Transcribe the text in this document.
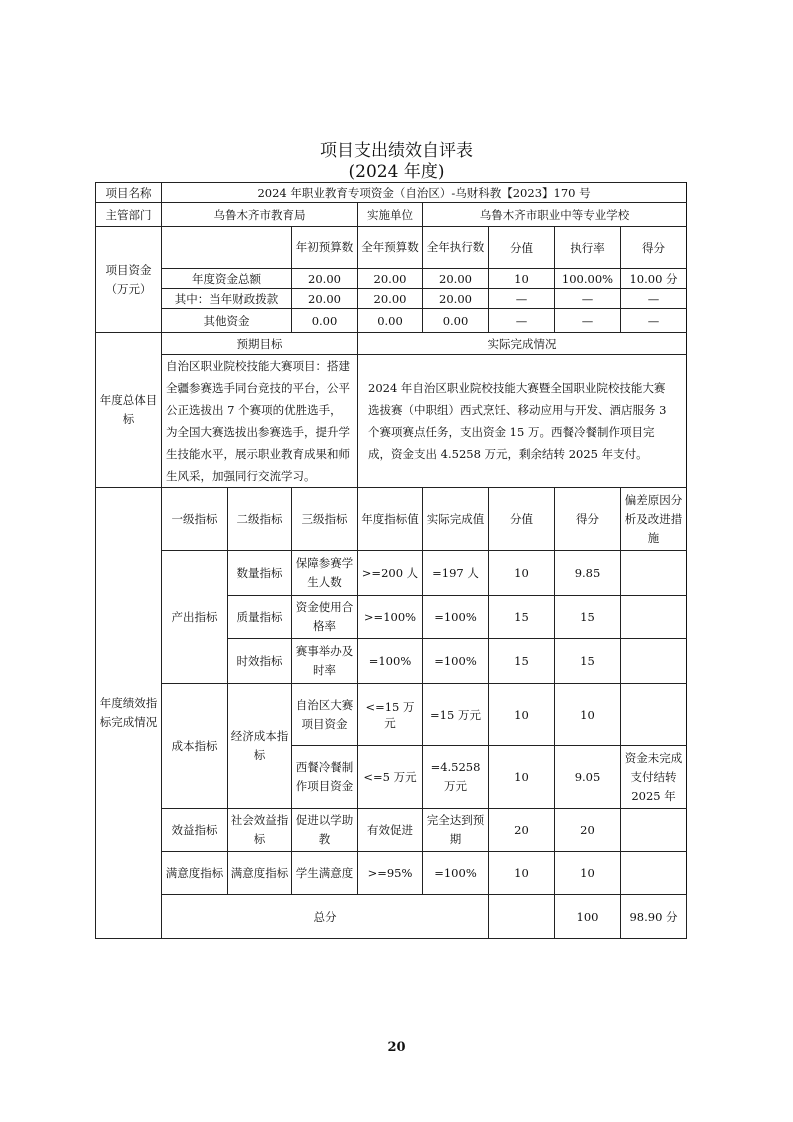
项目支出绩效自评表
(2024 年度)
项目名称	2024 年职业教育专项资金（自治区）-乌财科教【2023】170 号								
主管部门	乌鲁木齐市教育局			实施单位	乌鲁木齐市职业中等专业学校				
项目资金
（万元）			年初预算数	全年预算数	全年执行数	分值	执行率	得分	
	年度资金总额		20.00	20.00	20.00	10	100.00%	10.00 分	
	其中：当年财政拨款		20.00	20.00	20.00	—	—	—	
	其他资金		0.00	0.00	0.00	—	—	—	
年度总体目标	预期目标			实际完成情况					
	自治区职业院校技能大赛项目：搭建全疆参赛选手同台竞技的平台，公平公正选拔出 7 个赛项的优胜选手，为全国大赛选拔出参赛选手，提升学生技能水平，展示职业教育成果和师生风采，加强同行交流学习。			2024 年自治区职业院校技能大赛暨全国职业院校技能大赛选拔赛（中职组）西式烹饪、移动应用与开发、酒店服务 3 个赛项赛点任务，支出资金 15 万。西餐冷餐制作项目完成，资金支出 4.5258 万元，剩余结转 2025 年支付。					
年度绩效指标完成情况	一级指标	二级指标	三级指标	年度指标值	实际完成值	分值	得分	偏差原因分析及改进措施	
	产出指标	数量指标	保障参赛学生人数	>=200 人	=197 人	10	9.85		
		质量指标	资金使用合格率	>=100%	=100%	15	15		
		时效指标	赛事举办及时率	=100%	=100%	15	15		
	成本指标	经济成本指标	自治区大赛项目资金	<=15 万元	=15 万元	10	10		
			西餐冷餐制作项目资金	<=5 万元	=4.5258 万元	10	9.05	资金未完成支付结转 2025 年	
	效益指标	社会效益指标	促进以学助教	有效促进	完全达到预期	20	20		
	满意度指标	满意度指标	学生满意度	>=95%	=100%	10	10		
	总分						100	98.90 分	
20
